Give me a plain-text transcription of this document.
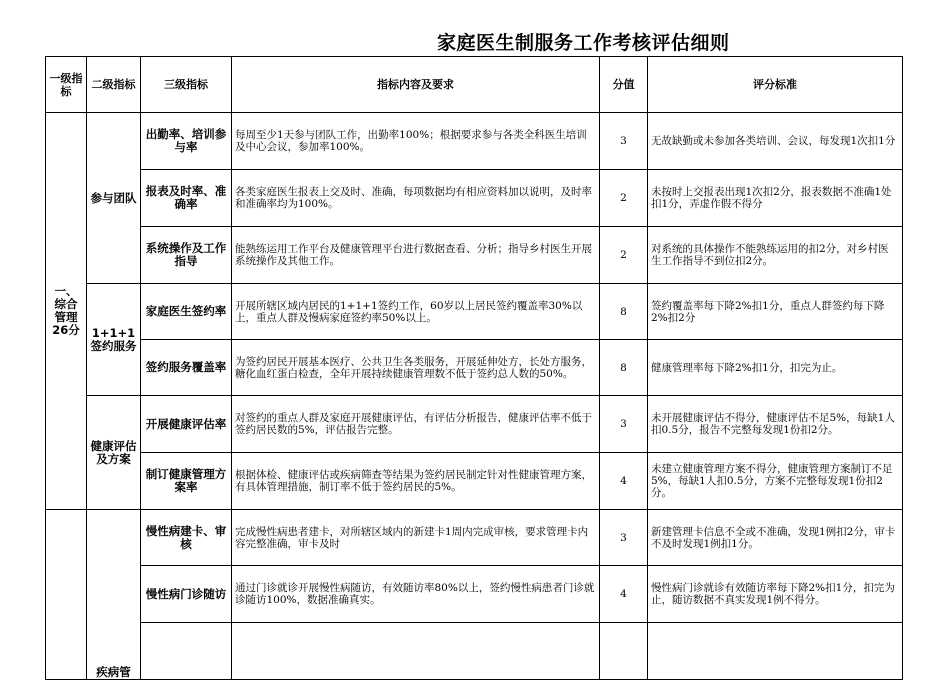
家庭医生制服务工作考核评估细则
一级指标	二级指标	三级指标	指标内容及要求	分值	评分标准
一、综合管理26分	参与团队	出勤率、培训参与率	每周至少1天参与团队工作，出勤率100%；根据要求参与各类全科医生培训及中心会议，参加率100%。	3	无故缺勤或未参加各类培训、会议，每发现1次扣1分
		报表及时率、准确率	各类家庭医生报表上交及时、准确，每项数据均有相应资料加以说明，及时率和准确率均为100%。	2	未按时上交报表出现1次扣2分，报表数据不准确1处扣1分，弄虚作假不得分
		系统操作及工作指导	能熟练运用工作平台及健康管理平台进行数据查看、分析；指导乡村医生开展系统操作及其他工作。	2	对系统的具体操作不能熟练运用的扣2分，对乡村医生工作指导不到位扣2分。
	1+1+1签约服务	家庭医生签约率	开展所辖区域内居民的1+1+1签约工作，60岁以上居民签约覆盖率30%以上，重点人群及慢病家庭签约率50%以上。	8	签约覆盖率每下降2%扣1分，重点人群签约每下降2%扣2分
		签约服务覆盖率	为签约居民开展基本医疗、公共卫生各类服务，开展延伸处方，长处方服务，糖化血红蛋白检查，全年开展持续健康管理数不低于签约总人数的50%。	8	健康管理率每下降2%扣1分，扣完为止。
	健康评估及方案	开展健康评估率	对签约的重点人群及家庭开展健康评估，有评估分析报告，健康评估率不低于签约居民数的5%，评估报告完整。	3	未开展健康评估不得分，健康评估不足5%，每缺1人扣0.5分，报告不完整每发现1份扣2分。
		制订健康管理方案率	根据体检、健康评估或疾病筛查等结果为签约居民制定针对性健康管理方案，有具体管理措施，制订率不低于签约居民的5%。	4	未建立健康管理方案不得分，健康管理方案制订不足5%，每缺1人扣0.5分，方案不完整每发现1份扣2分。
	疾病管	慢性病建卡、审核	完成慢性病患者建卡，对所辖区域内的新建卡1周内完成审核，要求管理卡内容完整准确，审卡及时	3	新建管理卡信息不全或不准确，发现1例扣2分，审卡不及时发现1例扣1分。
		慢性病门诊随访	通过门诊就诊开展慢性病随访，有效随访率80%以上，签约慢性病患者门诊就诊随访100%，数据准确真实。	4	慢性病门诊就诊有效随访率每下降2%扣1分，扣完为止，随访数据不真实发现1例不得分。
